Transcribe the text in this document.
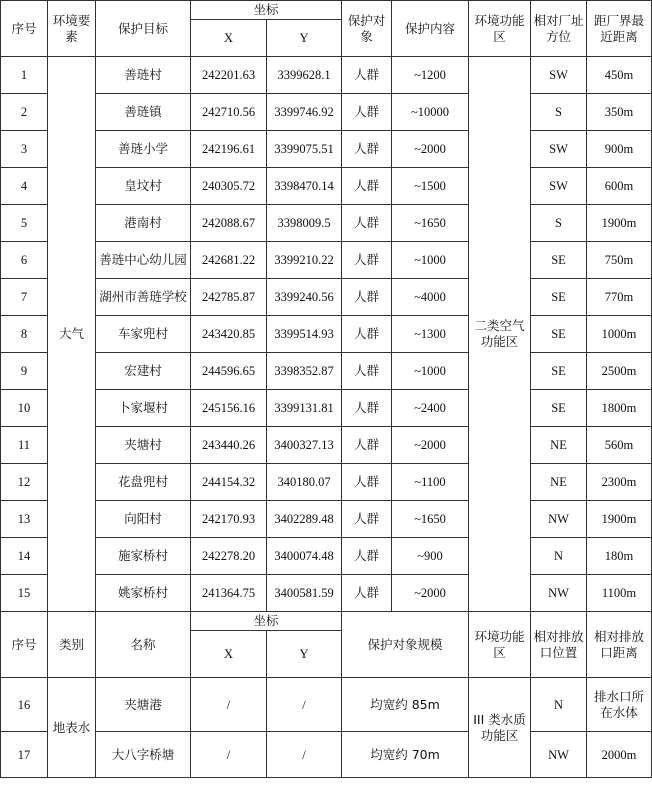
序号	环境要素	保护目标	坐标		保护对象	保护内容	环境功能区	相对厂址方位	距厂界最近距离
			X	Y					
1	大气	善琏村	242201.63	3399628.1	人群	~1200	二类空气功能区	SW	450m
2		善琏镇	242710.56	3399746.92	人群	~10000		S	350m
3		善琏小学	242196.61	3399075.51	人群	~2000		SW	900m
4		皇坟村	240305.72	3398470.14	人群	~1500		SW	600m
5		港南村	242088.67	3398009.5	人群	~1650		S	1900m
6		善琏中心幼儿园	242681.22	3399210.22	人群	~1000		SE	750m
7		湖州市善琏学校	242785.87	3399240.56	人群	~4000		SE	770m
8		车家兜村	243420.85	3399514.93	人群	~1300		SE	1000m
9		宏建村	244596.65	3398352.87	人群	~1000		SE	2500m
10		卜家堰村	245156.16	3399131.81	人群	~2400		SE	1800m
11		夹塘村	243440.26	3400327.13	人群	~2000		NE	560m
12		花盘兜村	244154.32	340180.07	人群	~1100		NE	2300m
13		向阳村	242170.93	3402289.48	人群	~1650		NW	1900m
14		施家桥村	242278.20	3400074.48	人群	~900		N	180m
15		姚家桥村	241364.75	3400581.59	人群	~2000		NW	1100m
序号	类别	名称	坐标		保护对象规模		环境功能区	相对排放口位置	相对排放口距离
			X	Y					
16	地表水	夹塘港	/	/	均宽约 85m		III 类水质功能区	N	排水口所在水体
17		大八字桥塘	/	/	均宽约 70m			NW	2000m
